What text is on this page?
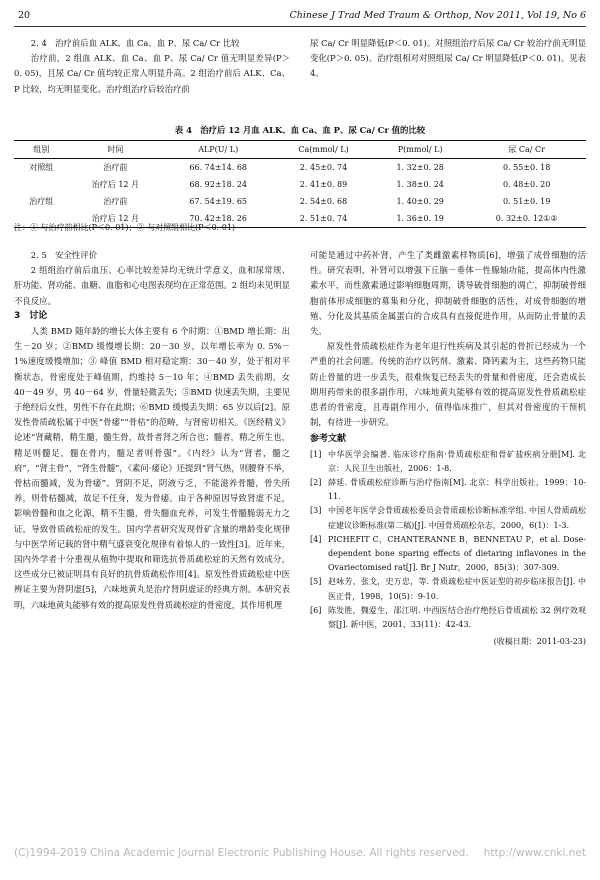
20	Chinese J Trad Med Traum & Orthop, Nov 2011, Vol 19, No 6

2. 4　治疗前后血 ALK、血 Ca、血 P、尿 Ca/ Cr 比较

治疗前，2 组血 ALK、血 Ca、血 P、尿 Ca/ Cr 值无明显差异(P＞0. 05)，且尿 Ca/ Cr 值均较正常人明显升高。2 组治疗前后 ALK、Ca、P 比较，均无明显变化。治疗组治疗后较治疗前

尿 Ca/ Cr 明显降低(P＜0. 01)。对照组治疗后尿 Ca/ Cr 较治疗前无明显变化(P＞0. 05)。治疗组相对对照组尿 Ca/ Cr 明显降低(P＜0. 01)。见表 4。

表 4　治疗后 12 月血 ALK、血 Ca、血 P、尿 Ca/ Cr 值的比较
组别	时间	ALP(U/ L)	Ca(mmol/ L)	P(mmol/ L)	尿 Ca/ Cr
对照组	治疗前	66. 74±14. 68	2. 45±0. 74	1. 32±0. 28	0. 55±0. 18
	治疗后 12 月	68. 92±18. 24	2. 41±0. 89	1. 38±0. 24	0. 48±0. 20
治疗组	治疗前	67. 54±19. 65	2. 54±0. 68	1. 40±0. 29	0. 51±0. 19
	治疗后 12 月	70. 42±18. 26	2. 51±0. 74	1. 36±0. 19	0. 32±0. 12①②
注：① 与治疗前相比(P＜0. 01)；② 与对照组相比(P＜0. 01)

2. 5　安全性评价

2 组组治疗前后血压、心率比较差异均无统计学意义，血和尿常规、肝功能、肾功能、血糖、血脂和心电图表现均在正常范围。2 组均未见明显不良反应。

3　讨论

人类 BMD 随年龄的增长大体主要有 6 个时期：①BMD 增长期：出生－20 岁；②BMD 缓慢增长期：20－30 岁，以年增长率为 0. 5%－1%速度缓慢增加；③ 峰值 BMD 相对稳定期：30－40 岁，处于相对平衡状态，骨密度处于峰值期，约维持 5－10 年；④BMD 丢失前期，女 40－49 岁，男 40－64 岁，骨量轻微丢失；⑤BMD 快速丢失期，主要见于绝经后女性，男性不存在此期；⑥BMD 缓慢丢失期：65 岁以后[2]。原发性骨质疏松属于中医“骨痿”“骨枯”的范畴，与肾密切相关。《医经精义》论述“肾藏精，精生髓，髓生骨，故骨者肾之所合也；髓者，精之所生也，精足则髓足，髓在骨内，髓足者则骨强”。《内经》认为“肾者，髓之府”，“肾主骨”，“肾生骨髓”，《素问·痿论》还提到“肾气热，则腰脊不举，骨枯而髓减，发为骨痿”。肾阴不足，阴液亏乏，不能滋养骨髓，骨失所养，则骨枯髓减，故足不任身，发为骨痿。由于各种原因导致肾虚不足，影响骨髓和血之化源，精不生髓，骨失髓血充养，可发生骨髓脆弱无力之证，导致骨质疏松症的发生。国内学者研究发现骨矿含量的增龄变化规律与中医学所记载的肾中精气盛衰变化规律有着惊人的一致性[3]。近年来，国内外学者十分重视从植物中提取和筛选抗骨质疏松症的天然有效成分，这些成分已被证明具有良好的抗骨质疏松作用[4]。原发性骨质疏松症中医辨证主要为肾阴虚[5]，六味地黄丸是治疗肾阴虚证的经典方剂。本研究表明，六味地黄丸能够有效的提高原发性骨质疏松症的骨密度，其作用机理

可能是通过中药补肾，产生了类雌激素样物质[6]，增强了成骨细胞的活性。研究表明，补肾可以增强下丘脑－垂体－性腺轴功能，提高体内性激素水平，而性激素通过影响细胞周期，诱导破骨细胞的凋亡，抑制破骨细胞前体形成细胞的募集和分化，抑制破骨细胞的活性，对成骨细胞的增殖、分化及其基质金属蛋白的合成具有直接促进作用，从而防止骨量的丢失。

原发性骨质疏松症作为老年退行性疾病及其引起的骨折已经成为一个严重的社会问题。传统的治疗以钙剂、激素、降钙素为主，这些药物只能防止骨量的进一步丢失，很难恢复已经丢失的骨量和骨密度，还会造成长期用药带来的很多副作用，六味地黄丸能够有效的提高原发性骨质疏松症患者的骨密度，且毒副作用小，值得临床推广，但其对骨密度的干预机制，有待进一步研究。

参考文献
[1] 中华医学会编著. 临床诊疗指南·骨质疏松症和骨矿盐疾病分册[M]. 北京：人民卫生出版社，2006：1-8.
[2] 薛延. 骨质疏松症诊断与治疗指南[M]. 北京：科学出版社，1999：10-11.
[3] 中国老年医学会骨质疏松委员会骨质疏松诊断标准学组. 中国人骨质疏松症建议诊断标准(第二稿)[J]. 中国骨质疏松杂志，2000，6(1)：1-3.
[4] PICHEFIT C，CHANTERANNE B，BENNETAU P，et al. Dose-dependent bone sparing effects of dietaring inflavones in the Ovariectomised rat[J]. Br J Nutr，2000，85(3)：307-309.
[5] 赵咏芳，张戈，史万忠，等. 骨质疏松症中医证型的初步临床报告[J]. 中医正骨，1998，10(5)：9-10.
[6] 陈发胜，魏爱生，邵江明. 中西医结合治疗绝经后骨质疏松 32 例疗效观察[J]. 新中医，2001，33(11)：42-43.
(收稿日期：2011-03-23)
(C)1994-2019 China Academic Journal Electronic Publishing House. All rights reserved. http://www.cnki.net
